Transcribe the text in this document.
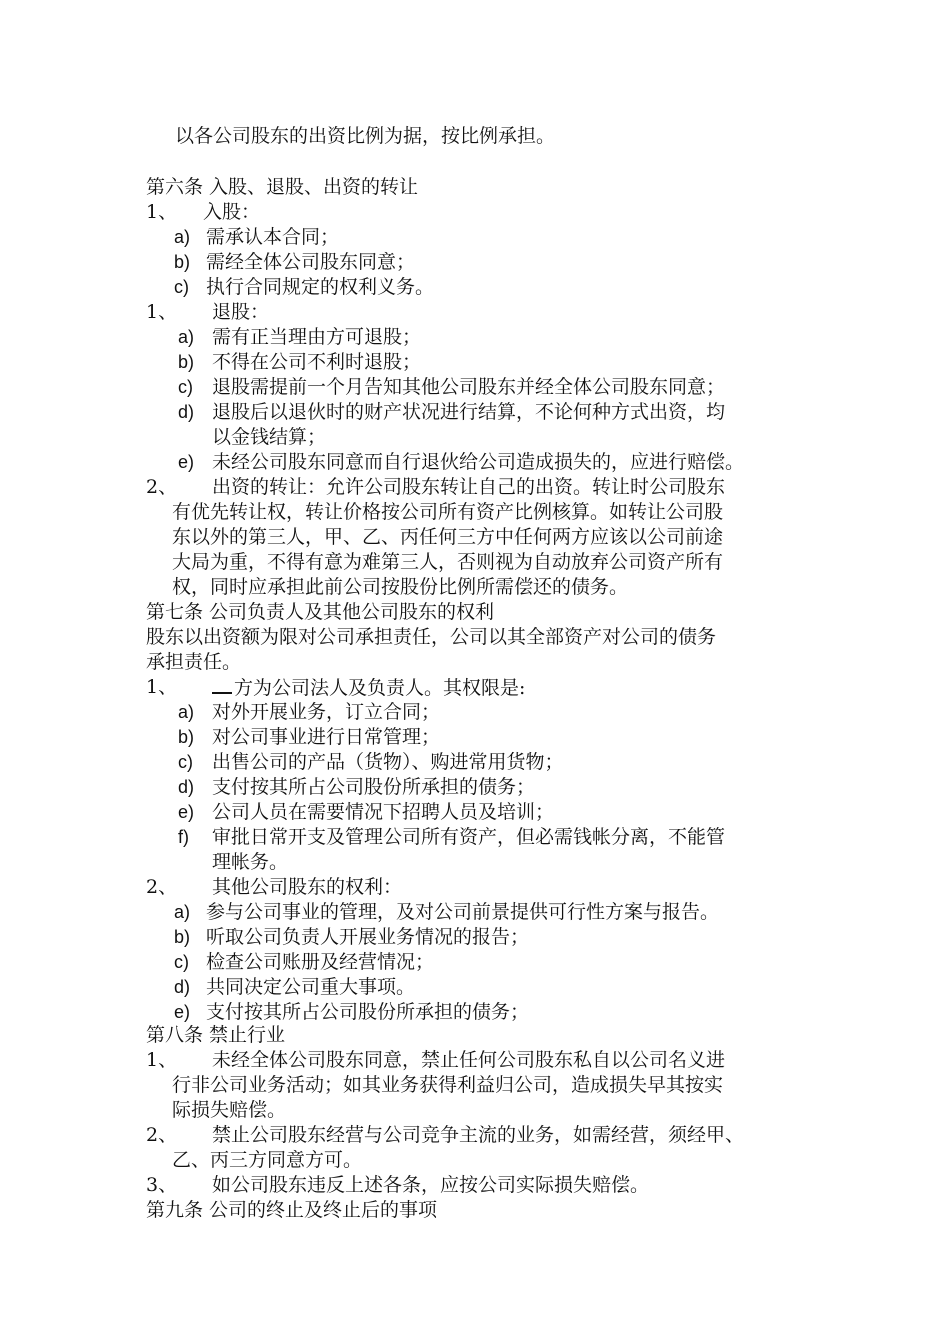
以各公司股东的出资比例为据，按比例承担。
第六条 入股、退股、出资的转让
1、 入股：
a) 需承认本合同；
b) 需经全体公司股东同意；
c) 执行合同规定的权利义务。
1、 退股：
a) 需有正当理由方可退股；
b) 不得在公司不利时退股；
c) 退股需提前一个月告知其他公司股东并经全体公司股东同意；
d) 退股后以退伙时的财产状况进行结算，不论何种方式出资，均
以金钱结算；
e) 未经公司股东同意而自行退伙给公司造成损失的，应进行赔偿。
2、 出资的转让：允许公司股东转让自己的出资。转让时公司股东
有优先转让权，转让价格按公司所有资产比例核算。如转让公司股
东以外的第三人，甲、乙、丙任何三方中任何两方应该以公司前途
大局为重，不得有意为难第三人，否则视为自动放弃公司资产所有
权，同时应承担此前公司按股份比例所需偿还的债务。
第七条 公司负责人及其他公司股东的权利
股东以出资额为限对公司承担责任，公司以其全部资产对公司的债务
承担责任。
1、	方为公司法人及负责人。其权限是:
a) 对外开展业务，订立合同；
b) 对公司事业进行日常管理；
c) 出售公司的产品（货物）、购进常用货物；
d) 支付按其所占公司股份所承担的债务；
e) 公司人员在需要情况下招聘人员及培训；
f) 审批日常开支及管理公司所有资产，但必需钱帐分离，不能管
理帐务。
2、 其他公司股东的权利：
a) 参与公司事业的管理，及对公司前景提供可行性方案与报告。
b) 听取公司负责人开展业务情况的报告；
c) 检查公司账册及经营情况；
d) 共同决定公司重大事项。
e) 支付按其所占公司股份所承担的债务；
第八条 禁止行业
1、 未经全体公司股东同意，禁止任何公司股东私自以公司名义进
行非公司业务活动；如其业务获得利益归公司，造成损失早其按实
际损失赔偿。
2、 禁止公司股东经营与公司竞争主流的业务，如需经营，须经甲、
乙、丙三方同意方可。
3、 如公司股东违反上述各条，应按公司实际损失赔偿。
第九条 公司的终止及终止后的事项
